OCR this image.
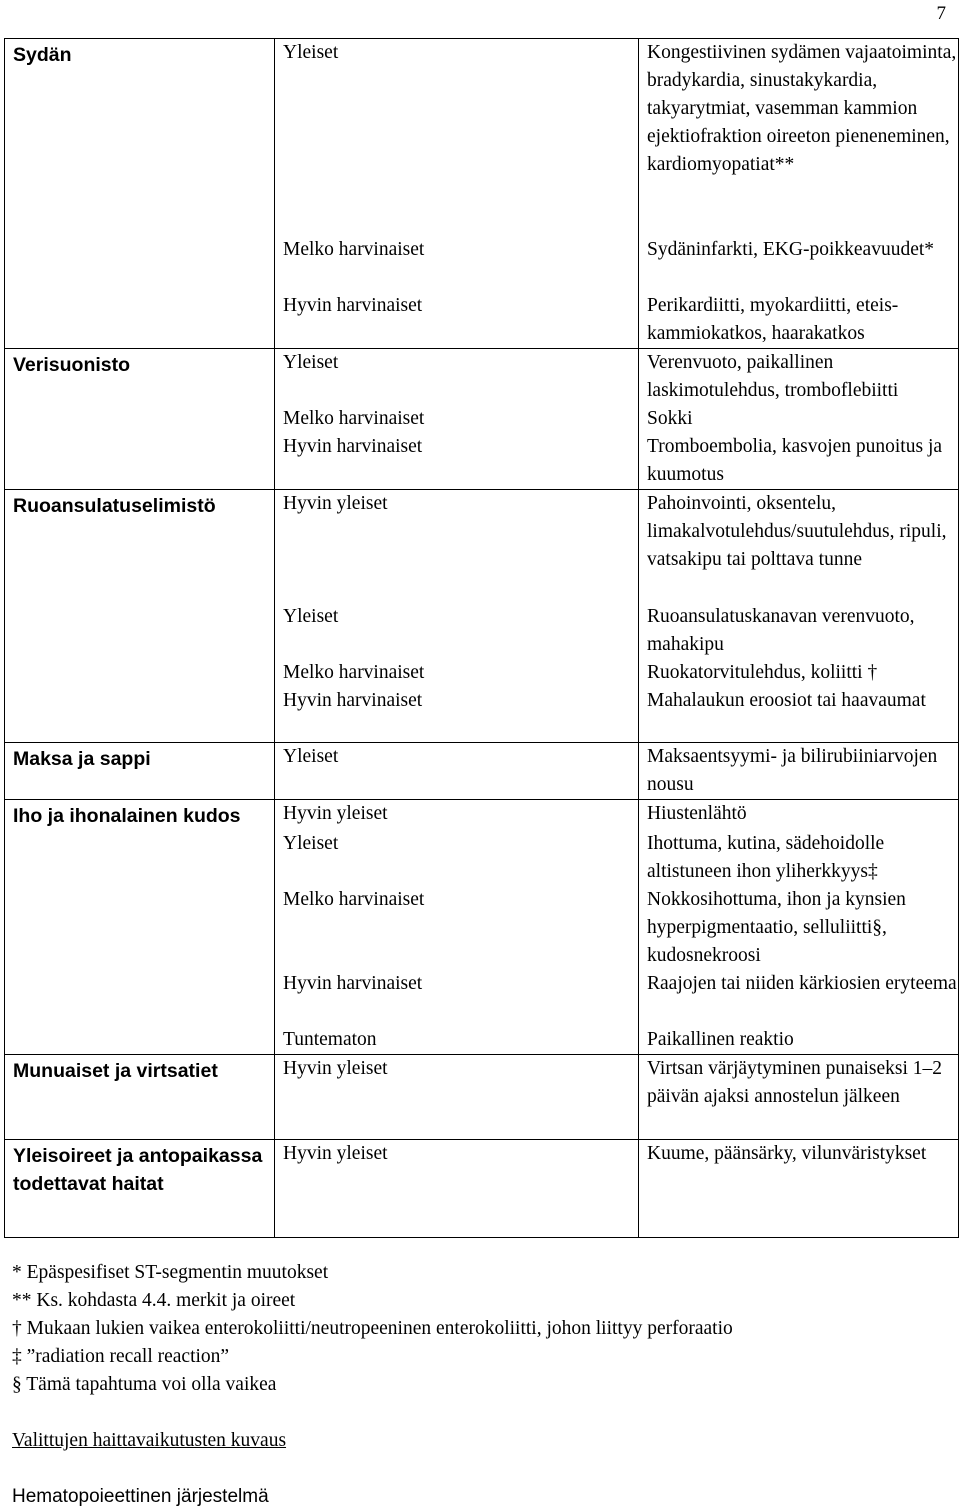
7
Sydän	Yleiset	Kongestiivinen sydämen vajaatoiminta, bradykardia, sinustakykardia, takyarytmiat, vasemman kammion ejektiofraktion oireeton pieneneminen, kardiomyopatiat**
	Melko harvinaiset	Sydäninfarkti, EKG-poikkeavuudet*
	Hyvin harvinaiset	Perikardiitti, myokardiitti, eteis-kammiokatkos, haarakatkos
Verisuonisto	Yleiset	Verenvuoto, paikallinen laskimotulehdus, tromboflebiitti
	Melko harvinaiset	Sokki
	Hyvin harvinaiset	Tromboembolia, kasvojen punoitus ja kuumotus
Ruoansulatuselimistö	Hyvin yleiset	Pahoinvointi, oksentelu, limakalvotulehdus/suutulehdus, ripuli, vatsakipu tai polttava tunne
	Yleiset	Ruoansulatuskanavan verenvuoto, mahakipu
	Melko harvinaiset	Ruokatorvitulehdus, koliitti †
	Hyvin harvinaiset	Mahalaukun eroosiot tai haavaumat
Maksa ja sappi	Yleiset	Maksaentsyymi- ja bilirubiiniarvojen nousu
Iho ja ihonalainen kudos	Hyvin yleiset	Hiustenlähtö
	Yleiset	Ihottuma, kutina, sädehoidolle altistuneen ihon yliherkkyys‡
	Melko harvinaiset	Nokkosihottuma, ihon ja kynsien hyperpigmentaatio, selluliitti§, kudosnekroosi
	Hyvin harvinaiset	Raajojen tai niiden kärkiosien eryteema
	Tuntematon	Paikallinen reaktio
Munuaiset ja virtsatiet	Hyvin yleiset	Virtsan värjäytyminen punaiseksi 1–2 päivän ajaksi annostelun jälkeen
Yleisoireet ja antopaikassa todettavat haitat	Hyvin yleiset	Kuume, päänsärky, vilunväristykset
* Epäspesifiset ST-segmentin muutokset
** Ks. kohdasta 4.4. merkit ja oireet
† Mukaan lukien vaikea enterokoliitti/neutropeeninen enterokoliitti, johon liittyy perforaatio
‡ ”radiation recall reaction”
§ Tämä tapahtuma voi olla vaikea
Valittujen haittavaikutusten kuvaus
Hematopoieettinen järjestelmä
